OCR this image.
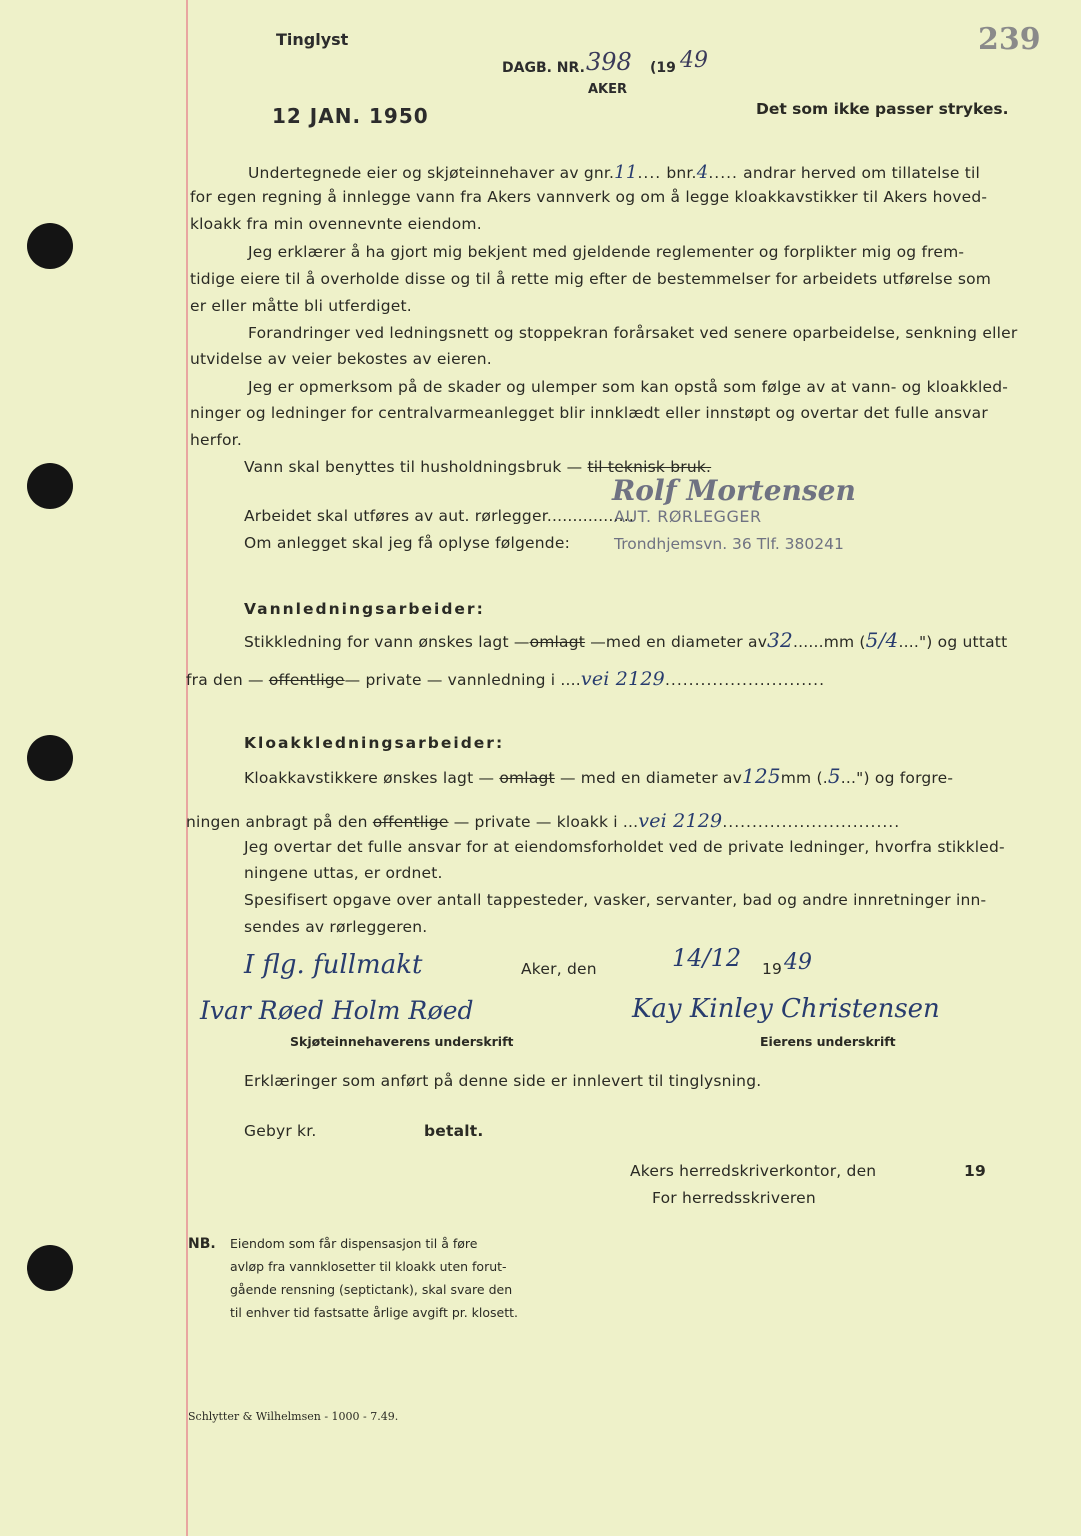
Tinglyst
12 JAN. 1950
DAGB. NR. 398 (19 49
AKER
239
Det som ikke passer strykes.
Undertegnede eier og skjøteinnehaver av gnr.11.... bnr.4..... andrar herved om tillatelse til
for egen regning å innlegge vann fra Akers vannverk og om å legge kloakkavstikker til Akers hoved-
kloakk fra min ovennevnte eiendom.
Jeg erklærer å ha gjort mig bekjent med gjeldende reglementer og forplikter mig og frem-
tidige eiere til å overholde disse og til å rette mig efter de bestemmelser for arbeidets utførelse som
er eller måtte bli utferdiget.
Forandringer ved ledningsnett og stoppekran forårsaket ved senere oparbeidelse, senkning eller
utvidelse av veier bekostes av eieren.
Jeg er opmerksom på de skader og ulemper som kan opstå som følge av at vann- og kloakkled-
ninger og ledninger for centralvarmeanlegget blir innklædt eller innstøpt og overtar det fulle ansvar
herfor.
Vann skal benyttes til husholdningsbruk — til teknisk bruk.
Rolf Mortensen
AUT. RØRLEGGER
Trondhjemsvn. 36 Tlf. 380241
Arbeidet skal utføres av aut. rørlegger.................
Om anlegget skal jeg få oplyse følgende:
Vannledningsarbeider:
Stikkledning for vann ønskes lagt —omlagt —med en diameter av32......mm (5/4....") og uttatt
fra den — offentlige— private — vannledning i ....vei 2129...........................
Kloakkledningsarbeider:
Kloakkavstikkere ønskes lagt — omlagt — med en diameter av125mm (.5...") og forgre-
ningen anbragt på den offentlige — private — kloakk i ...vei 2129..............................
Jeg overtar det fulle ansvar for at eiendomsforholdet ved de private ledninger, hvorfra stikkled-
ningene uttas, er ordnet.
Spesifisert opgave over antall tappesteder, vasker, servanter, bad og andre innretninger inn-
sendes av rørleggeren.
I flg. fullmakt
Ivar Røed Holm Røed
Aker, den	14/12 19 49
Kay Kinley Christensen
Skjøteinnehaverens underskrift	Eierens underskrift
Erklæringer som anført på denne side er innlevert til tinglysning.
Gebyr kr.	betalt.
Akers herredskriverkontor, den	19
For herredsskriveren
NB. Eiendom som får dispensasjon til å føre
avløp fra vannklosetter til kloakk uten forut-
gående rensning (septictank), skal svare den
til enhver tid fastsatte årlige avgift pr. klosett.
Schlytter & Wilhelmsen - 1000 - 7.49.
